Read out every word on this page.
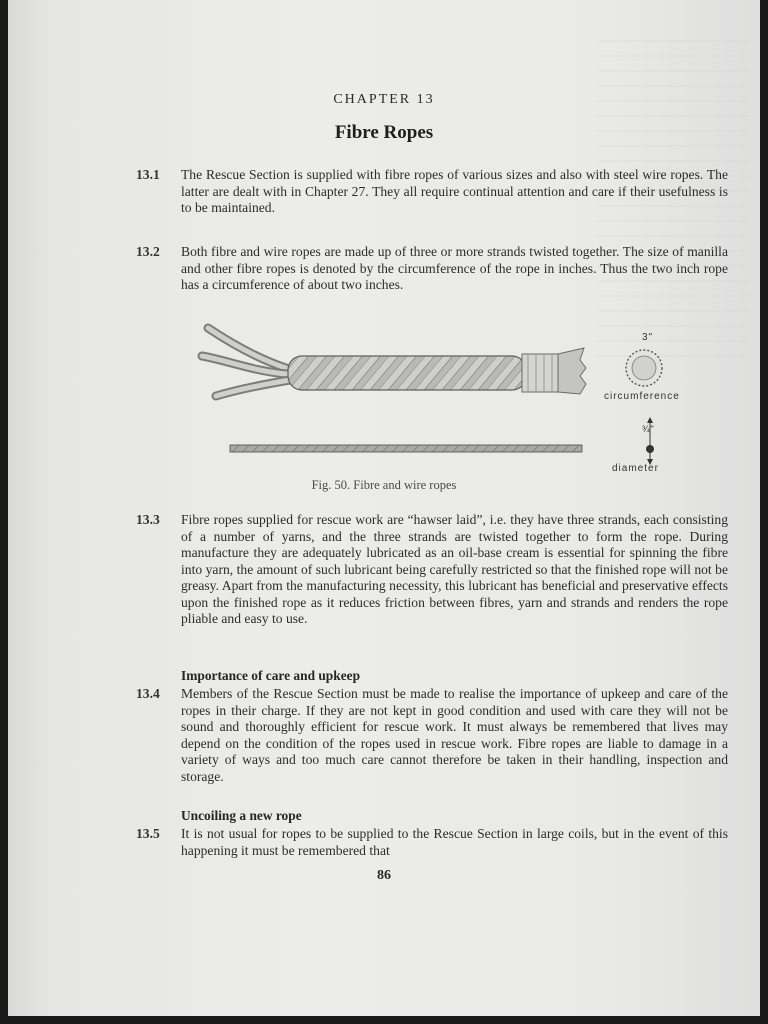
CHAPTER 13
Fibre Ropes
13.1	The Rescue Section is supplied with fibre ropes of various sizes and also with steel wire ropes. The latter are dealt with in Chapter 27. They all require continual attention and care if their usefulness is to be maintained.
13.2	Both fibre and wire ropes are made up of three or more strands twisted together. The size of manilla and other fibre ropes is denoted by the circumference of the rope in inches. Thus the two inch rope has a circumference of about two inches.
3"
circumference
¾"
diameter
Fig. 50. Fibre and wire ropes
13.3	Fibre ropes supplied for rescue work are “hawser laid”, i.e. they have three strands, each consisting of a number of yarns, and the three strands are twisted together to form the rope. During manufacture they are adequately lubricated as an oil-base cream is essential for spinning the fibre into yarn, the amount of such lubricant being carefully restricted so that the finished rope will not be greasy. Apart from the manufacturing necessity, this lubricant has beneficial and preservative effects upon the finished rope as it reduces friction between fibres, yarn and strands and renders the rope pliable and easy to use.
Importance of care and upkeep
13.4	Members of the Rescue Section must be made to realise the importance of upkeep and care of the ropes in their charge. If they are not kept in good condition and used with care they will not be sound and thoroughly efficient for rescue work. It must always be remembered that lives may depend on the condition of the ropes used in rescue work. Fibre ropes are liable to damage in a variety of ways and too much care cannot therefore be taken in their handling, inspection and storage.
Uncoiling a new rope
13.5	It is not usual for ropes to be supplied to the Rescue Section in large coils, but in the event of this happening it must be remembered that
86
